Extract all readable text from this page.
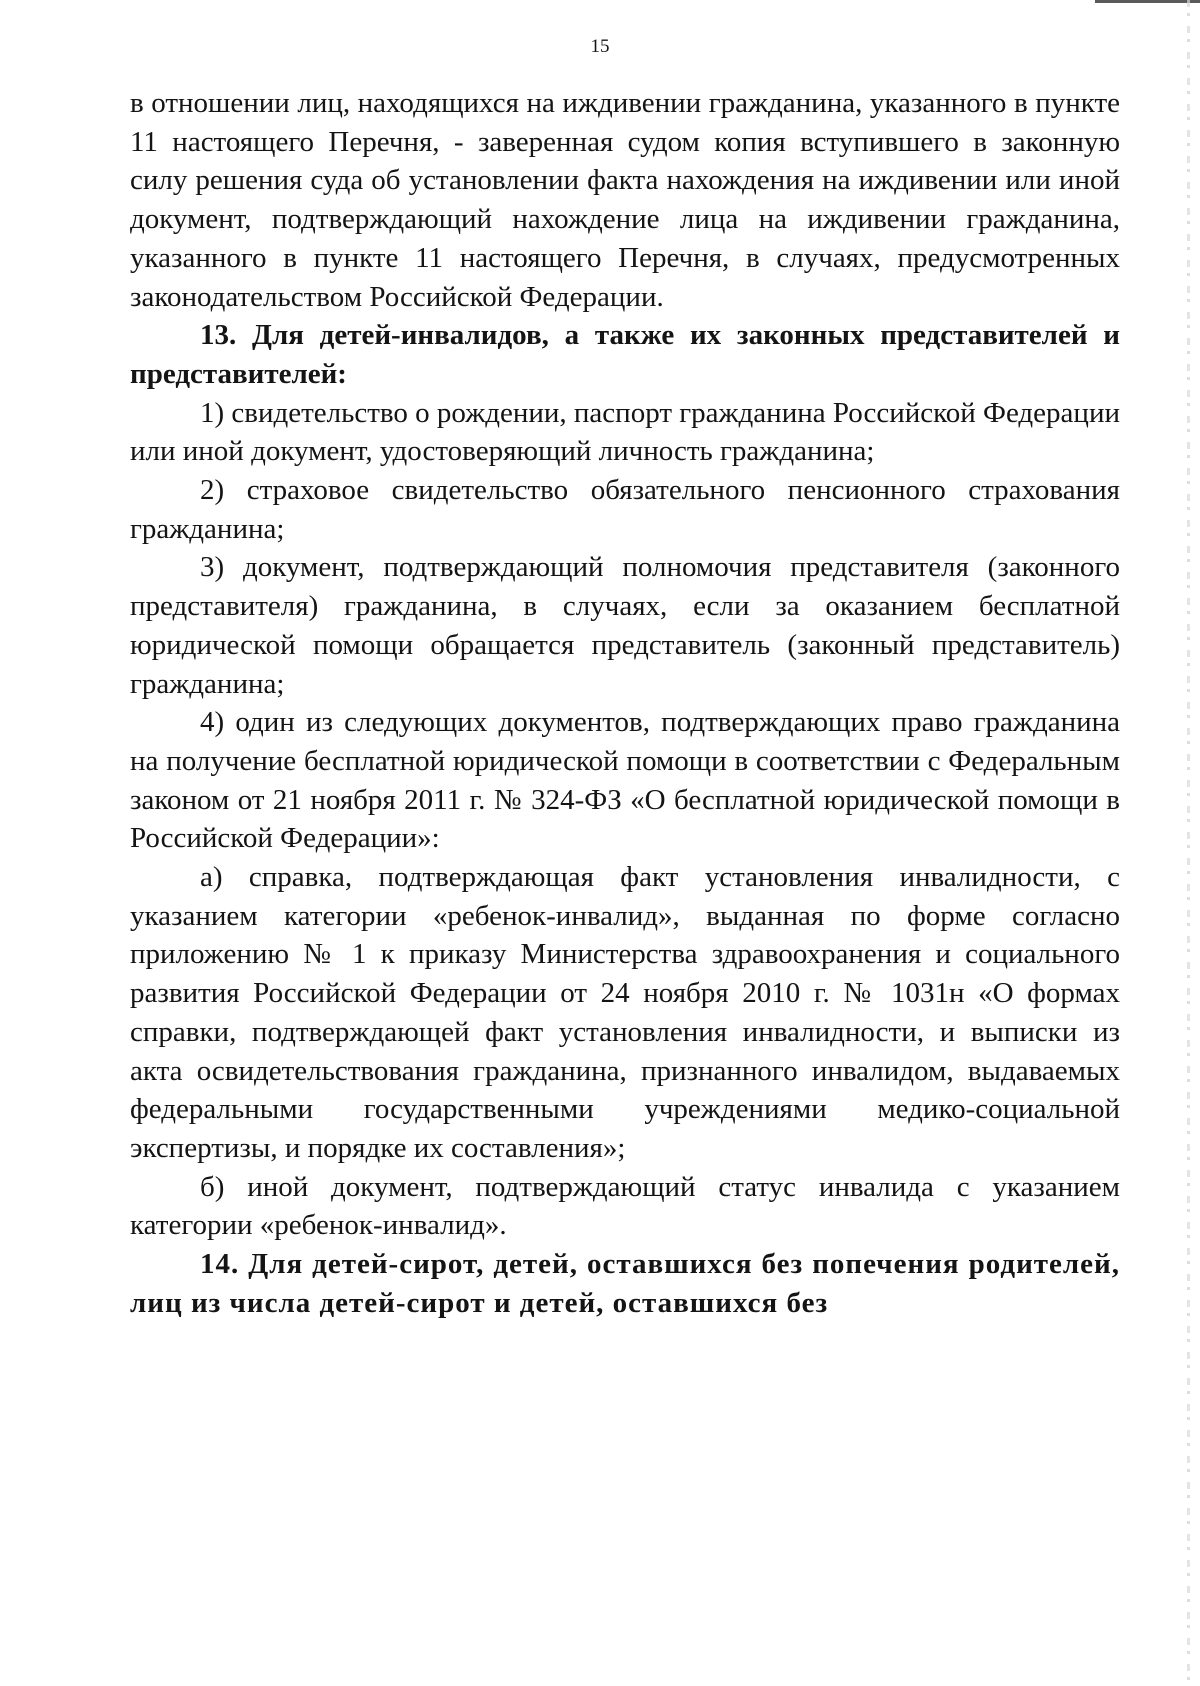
15

в отношении лиц, находящихся на иждивении гражданина, указанного в пункте 11 настоящего Перечня, - заверенная судом копия вступившего в законную силу решения суда об установлении факта нахождения на иждивении или иной документ, подтверждающий нахождение лица на иждивении гражданина, указанного в пункте 11 настоящего Перечня, в случаях, предусмотренных законодательством Российской Федерации.

13. Для детей-инвалидов, а также их законных представителей и представителей:

1) свидетельство о рождении, паспорт гражданина Российской Федерации или иной документ, удостоверяющий личность гражданина;

2) страховое свидетельство обязательного пенсионного страхования гражданина;

3) документ, подтверждающий полномочия представителя (законного представителя) гражданина, в случаях, если за оказанием бесплатной юридической помощи обращается представитель (законный представитель) гражданина;

4) один из следующих документов, подтверждающих право гражданина на получение бесплатной юридической помощи в соответствии с Федеральным законом от 21 ноября 2011 г. № 324-ФЗ «О бесплатной юридической помощи в Российской Федерации»:

а) справка, подтверждающая факт установления инвалидности, с указанием категории «ребенок-инвалид», выданная по форме согласно приложению № 1 к приказу Министерства здравоохранения и социального развития Российской Федерации от 24 ноября 2010 г. № 1031н «О формах справки, подтверждающей факт установления инвалидности, и выписки из акта освидетельствования гражданина, признанного инвалидом, выдаваемых федеральными государственными учреждениями медико-социальной экспертизы, и порядке их составления»;

б) иной документ, подтверждающий статус инвалида с указанием категории «ребенок-инвалид».

14. Для детей-сирот, детей, оставшихся без попечения родителей, лиц из числа детей-сирот и детей, оставшихся без
